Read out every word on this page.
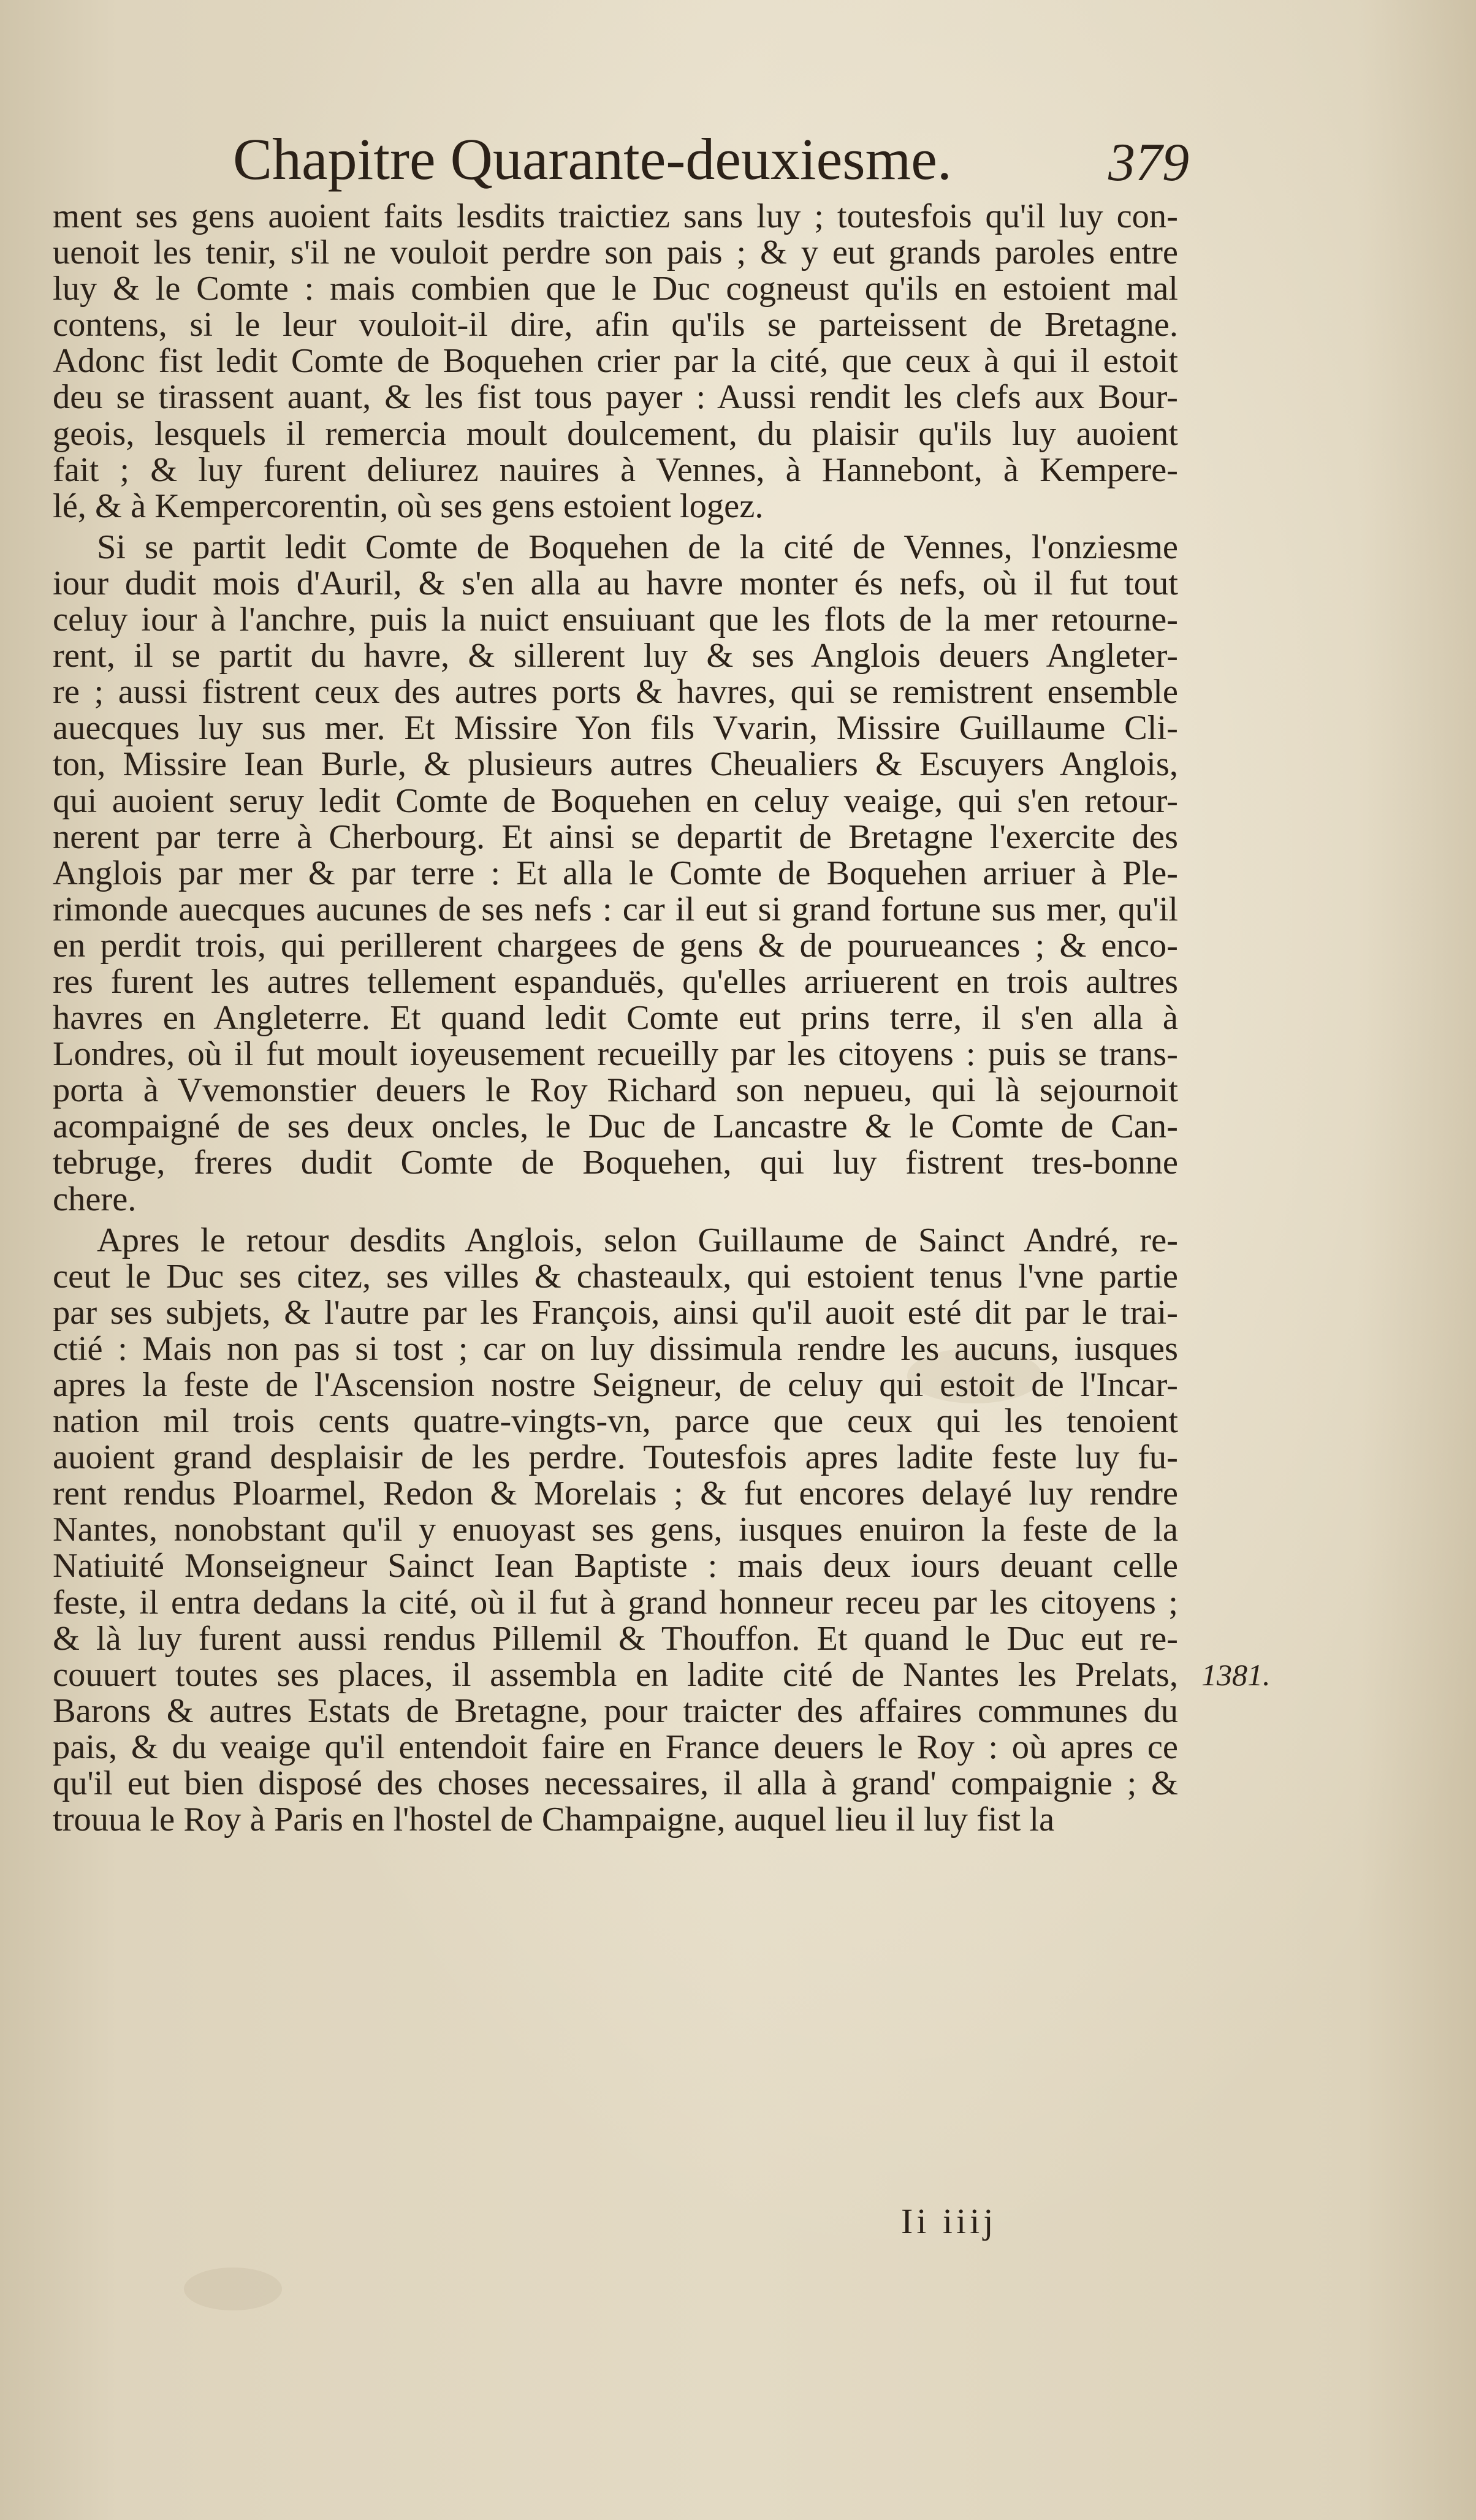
Chapitre Quarante-deuxiesme.	379
ment ses gens auoient faits lesdits traictiez sans luy ; toutesfois qu'il luy con-
uenoit les tenir, s'il ne vouloit perdre son pais ; & y eut grands paroles entre
luy & le Comte : mais combien que le Duc cogneust qu'ils en estoient mal
contens, si le leur vouloit-il dire, afin qu'ils se parteissent de Bretagne.
Adonc fist ledit Comte de Boquehen crier par la cité, que ceux à qui il estoit
deu se tirassent auant, & les fist tous payer : Aussi rendit les clefs aux Bour-
geois, lesquels il remercia moult doulcement, du plaisir qu'ils luy auoient
fait ; & luy furent deliurez nauires à Vennes, à Hannebont, à Kempere-
lé, & à Kempercorentin, où ses gens estoient logez.
Si se partit ledit Comte de Boquehen de la cité de Vennes, l'onziesme
iour dudit mois d'Auril, & s'en alla au havre monter és nefs, où il fut tout
celuy iour à l'anchre, puis la nuict ensuiuant que les flots de la mer retourne-
rent, il se partit du havre, & sillerent luy & ses Anglois deuers Angleter-
re ; aussi fistrent ceux des autres ports & havres, qui se remistrent ensemble
auecques luy sus mer. Et Missire Yon fils Vvarin, Missire Guillaume Cli-
ton, Missire Iean Burle, & plusieurs autres Cheualiers & Escuyers Anglois,
qui auoient seruy ledit Comte de Boquehen en celuy veaige, qui s'en retour-
nerent par terre à Cherbourg. Et ainsi se departit de Bretagne l'exercite des
Anglois par mer & par terre : Et alla le Comte de Boquehen arriuer à Ple-
rimonde auecques aucunes de ses nefs : car il eut si grand fortune sus mer, qu'il
en perdit trois, qui perillerent chargees de gens & de pourueances ; & enco-
res furent les autres tellement espanduës, qu'elles arriuerent en trois aultres
havres en Angleterre. Et quand ledit Comte eut prins terre, il s'en alla à
Londres, où il fut moult ioyeusement recueilly par les citoyens : puis se trans-
porta à Vvemonstier deuers le Roy Richard son nepueu, qui là sejournoit
acompaigné de ses deux oncles, le Duc de Lancastre & le Comte de Can-
tebruge, freres dudit Comte de Boquehen, qui luy fistrent tres-bonne
chere.
Apres le retour desdits Anglois, selon Guillaume de Sainct André, re-
ceut le Duc ses citez, ses villes & chasteaulx, qui estoient tenus l'vne partie
par ses subjets, & l'autre par les François, ainsi qu'il auoit esté dit par le trai-
ctié : Mais non pas si tost ; car on luy dissimula rendre les aucuns, iusques
apres la feste de l'Ascension nostre Seigneur, de celuy qui estoit de l'Incar-
nation mil trois cents quatre-vingts-vn, parce que ceux qui les tenoient
auoient grand desplaisir de les perdre. Toutesfois apres ladite feste luy fu-
rent rendus Ploarmel, Redon & Morelais ; & fut encores delayé luy rendre
Nantes, nonobstant qu'il y enuoyast ses gens, iusques enuiron la feste de la
Natiuité Monseigneur Sainct Iean Baptiste : mais deux iours deuant celle
feste, il entra dedans la cité, où il fut à grand honneur receu par les citoyens ;
& là luy furent aussi rendus Pillemil & Thouffon. Et quand le Duc eut re-
couuert toutes ses places, il assembla en ladite cité de Nantes les Prelats,
Barons & autres Estats de Bretagne, pour traicter des affaires communes du
pais, & du veaige qu'il entendoit faire en France deuers le Roy : où apres ce
qu'il eut bien disposé des choses necessaires, il alla à grand' compaignie ; &
trouua le Roy à Paris en l'hostel de Champaigne, auquel lieu il luy fist la
1381.
Ii iiij
